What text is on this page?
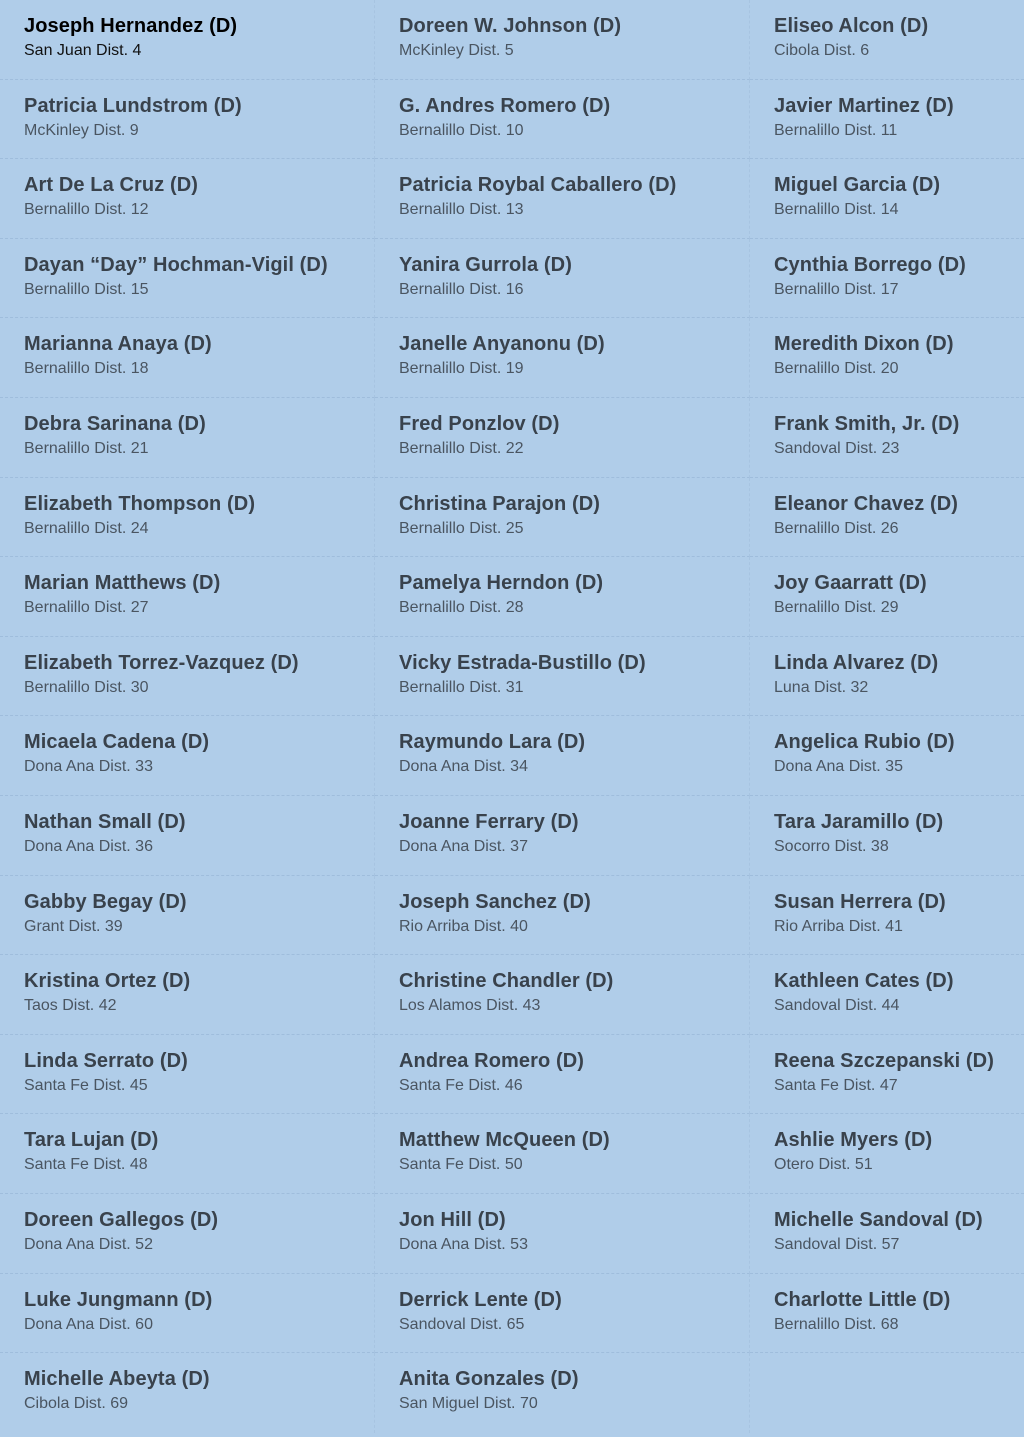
Joseph Hernandez (D)
San Juan Dist. 4
Doreen W. Johnson (D)
McKinley Dist. 5
Eliseo Alcon (D)
Cibola Dist. 6
Patricia Lundstrom (D)
McKinley Dist. 9
G. Andres Romero (D)
Bernalillo Dist. 10
Javier Martinez (D)
Bernalillo Dist. 11
Art De La Cruz (D)
Bernalillo Dist. 12
Patricia Roybal Caballero (D)
Bernalillo Dist. 13
Miguel Garcia (D)
Bernalillo Dist. 14
Dayan “Day” Hochman-Vigil (D)
Bernalillo Dist. 15
Yanira Gurrola (D)
Bernalillo Dist. 16
Cynthia Borrego (D)
Bernalillo Dist. 17
Marianna Anaya (D)
Bernalillo Dist. 18
Janelle Anyanonu (D)
Bernalillo Dist. 19
Meredith Dixon (D)
Bernalillo Dist. 20
Debra Sarinana (D)
Bernalillo Dist. 21
Fred Ponzlov (D)
Bernalillo Dist. 22
Frank Smith, Jr. (D)
Sandoval Dist. 23
Elizabeth Thompson (D)
Bernalillo Dist. 24
Christina Parajon (D)
Bernalillo Dist. 25
Eleanor Chavez (D)
Bernalillo Dist. 26
Marian Matthews (D)
Bernalillo Dist. 27
Pamelya Herndon (D)
Bernalillo Dist. 28
Joy Gaarratt (D)
Bernalillo Dist. 29
Elizabeth Torrez-Vazquez (D)
Bernalillo Dist. 30
Vicky Estrada-Bustillo (D)
Bernalillo Dist. 31
Linda Alvarez (D)
Luna Dist. 32
Micaela Cadena (D)
Dona Ana Dist. 33
Raymundo Lara (D)
Dona Ana Dist. 34
Angelica Rubio (D)
Dona Ana Dist. 35
Nathan Small (D)
Dona Ana Dist. 36
Joanne Ferrary (D)
Dona Ana Dist. 37
Tara Jaramillo (D)
Socorro Dist. 38
Gabby Begay (D)
Grant Dist. 39
Joseph Sanchez (D)
Rio Arriba Dist. 40
Susan Herrera (D)
Rio Arriba Dist. 41
Kristina Ortez (D)
Taos Dist. 42
Christine Chandler (D)
Los Alamos Dist. 43
Kathleen Cates (D)
Sandoval Dist. 44
Linda Serrato (D)
Santa Fe Dist. 45
Andrea Romero (D)
Santa Fe Dist. 46
Reena Szczepanski (D)
Santa Fe Dist. 47
Tara Lujan (D)
Santa Fe Dist. 48
Matthew McQueen (D)
Santa Fe Dist. 50
Ashlie Myers (D)
Otero Dist. 51
Doreen Gallegos (D)
Dona Ana Dist. 52
Jon Hill (D)
Dona Ana Dist. 53
Michelle Sandoval (D)
Sandoval Dist. 57
Luke Jungmann (D)
Dona Ana Dist. 60
Derrick Lente (D)
Sandoval Dist. 65
Charlotte Little (D)
Bernalillo Dist. 68
Michelle Abeyta (D)
Cibola Dist. 69
Anita Gonzales (D)
San Miguel Dist. 70
